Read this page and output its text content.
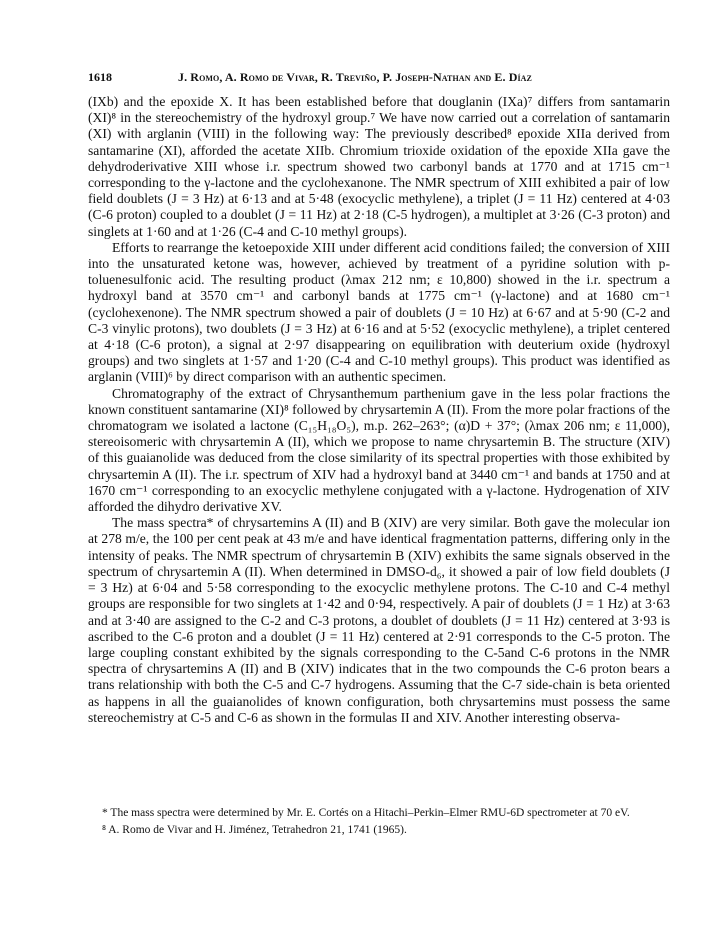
1618	J. Romo, A. Romo de Vivar, R. Treviño, P. Joseph-Nathan and E. Díaz

(IXb) and the epoxide X. It has been established before that douglanin (IXa)⁷ differs from santamarin (XI)⁸ in the stereochemistry of the hydroxyl group.⁷ We have now carried out a correlation of santamarin (XI) with arglanin (VIII) in the following way: The previously described⁸ epoxide XIIa derived from santamarine (XI), afforded the acetate XIIb. Chromium trioxide oxidation of the epoxide XIIa gave the dehydroderivative XIII whose i.r. spectrum showed two carbonyl bands at 1770 and at 1715 cm⁻¹ corresponding to the γ-lactone and the cyclohexanone. The NMR spectrum of XIII exhibited a pair of low field doublets (J = 3 Hz) at 6·13 and at 5·48 (exocyclic methylene), a triplet (J = 11 Hz) centered at 4·03 (C-6 proton) coupled to a doublet (J = 11 Hz) at 2·18 (C-5 hydrogen), a multiplet at 3·26 (C-3 proton) and singlets at 1·60 and at 1·26 (C-4 and C-10 methyl groups).

Efforts to rearrange the ketoepoxide XIII under different acid conditions failed; the conversion of XIII into the unsaturated ketone was, however, achieved by treatment of a pyridine solution with p-toluenesulfonic acid. The resulting product (λmax 212 nm; ε 10,800) showed in the i.r. spectrum a hydroxyl band at 3570 cm⁻¹ and carbonyl bands at 1775 cm⁻¹ (γ-lactone) and at 1680 cm⁻¹ (cyclohexenone). The NMR spectrum showed a pair of doublets (J = 10 Hz) at 6·67 and at 5·90 (C-2 and C-3 vinylic protons), two doublets (J = 3 Hz) at 6·16 and at 5·52 (exocyclic methylene), a triplet centered at 4·18 (C-6 proton), a signal at 2·97 disappearing on equilibration with deuterium oxide (hydroxyl groups) and two singlets at 1·57 and 1·20 (C-4 and C-10 methyl groups). This product was identified as arglanin (VIII)⁶ by direct comparison with an authentic specimen.

Chromatography of the extract of Chrysanthemum parthenium gave in the less polar fractions the known constituent santamarine (XI)⁸ followed by chrysartemin A (II). From the more polar fractions of the chromatogram we isolated a lactone (C₁₅H₁₈O₅), m.p. 262–263°; (α)D + 37°; (λmax 206 nm; ε 11,000), stereoisomeric with chrysartemin A (II), which we propose to name chrysartemin B. The structure (XIV) of this guaianolide was deduced from the close similarity of its spectral properties with those exhibited by chrysartemin A (II). The i.r. spectrum of XIV had a hydroxyl band at 3440 cm⁻¹ and bands at 1750 and at 1670 cm⁻¹ corresponding to an exocyclic methylene conjugated with a γ-lactone. Hydrogenation of XIV afforded the dihydro derivative XV.

The mass spectra* of chrysartemins A (II) and B (XIV) are very similar. Both gave the molecular ion at 278 m/e, the 100 per cent peak at 43 m/e and have identical fragmentation patterns, differing only in the intensity of peaks. The NMR spectrum of chrysartemin B (XIV) exhibits the same signals observed in the spectrum of chrysartemin A (II). When determined in DMSO-d₆, it showed a pair of low field doublets (J = 3 Hz) at 6·04 and 5·58 corresponding to the exocyclic methylene protons. The C-10 and C-4 methyl groups are responsible for two singlets at 1·42 and 0·94, respectively. A pair of doublets (J = 1 Hz) at 3·63 and at 3·40 are assigned to the C-2 and C-3 protons, a doublet of doublets (J = 11 Hz) centered at 3·93 is ascribed to the C-6 proton and a doublet (J = 11 Hz) centered at 2·91 corresponds to the C-5 proton. The large coupling constant exhibited by the signals corresponding to the C-5and C-6 protons in the NMR spectra of chrysartemins A (II) and B (XIV) indicates that in the two compounds the C-6 proton bears a trans relationship with both the C-5 and C-7 hydrogens. Assuming that the C-7 side-chain is beta oriented as happens in all the guaianolides of known configuration, both chrysartemins must possess the same stereochemistry at C-5 and C-6 as shown in the formulas II and XIV. Another interesting observa-

* The mass spectra were determined by Mr. E. Cortés on a Hitachi–Perkin–Elmer RMU-6D spectrometer at 70 eV.

⁸ A. Romo de Vivar and H. Jiménez, Tetrahedron 21, 1741 (1965).
